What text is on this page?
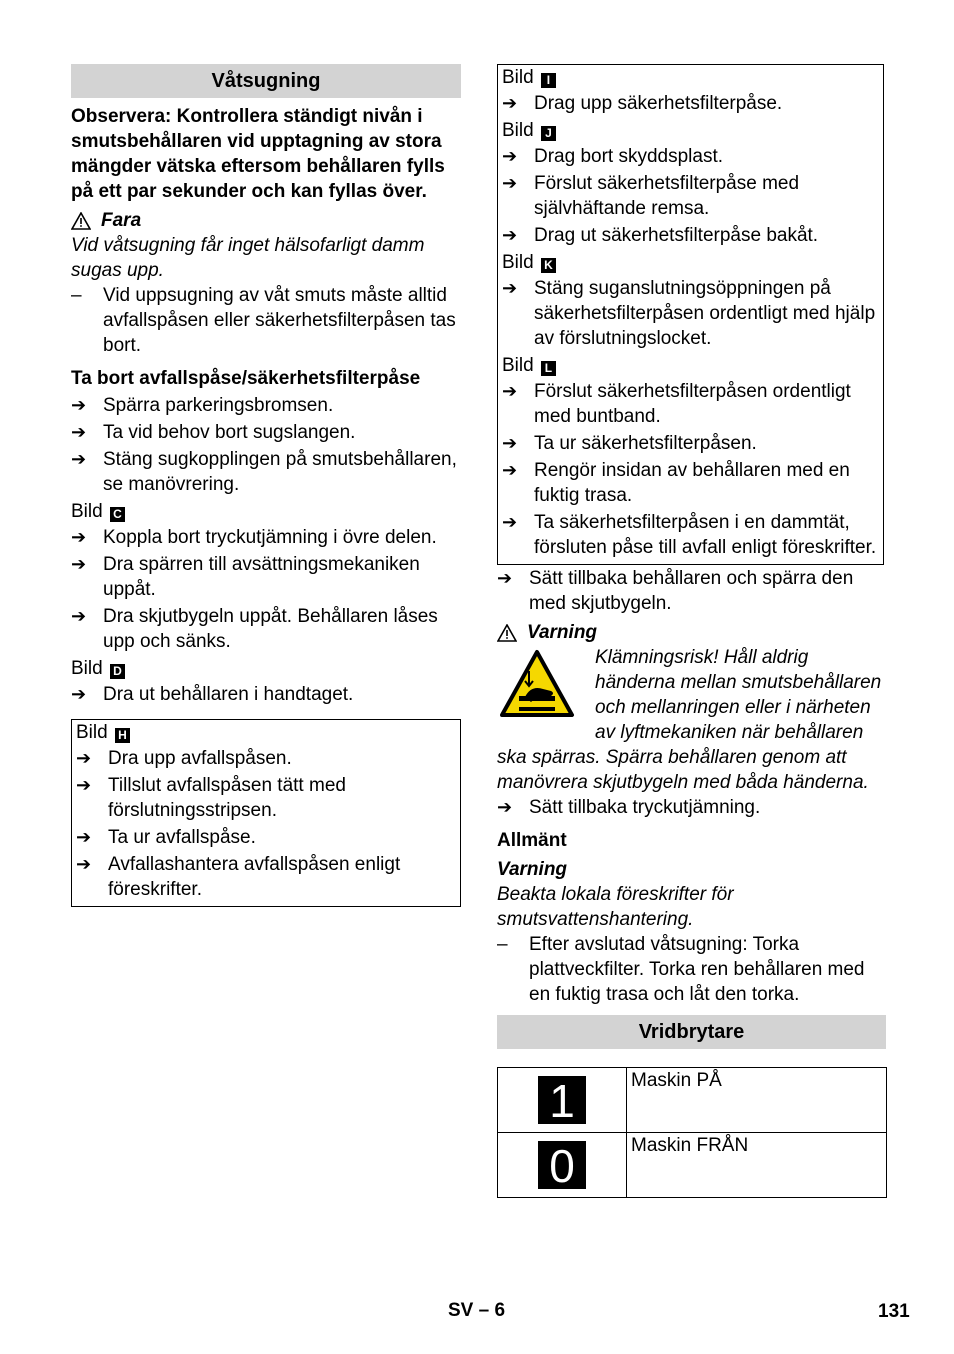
Våtsugning

Observera: Kontrollera ständigt nivån i smutsbehållaren vid upptagning av stora mängder vätska eftersom behållaren fylls på ett par sekunder och kan fyllas över.

Fara

Vid våtsugning får inget hälsofarligt damm sugas upp.

–	Vid uppsugning av våt smuts måste alltid avfallspåsen eller säkerhetsfilterpåsen tas bort.

Ta bort avfallspåse/säkerhetsfilterpåse

➔ Spärra parkeringsbromsen.
➔ Ta vid behov bort sugslangen.
➔ Stäng sugkopplingen på smutsbehållaren, se manövrering.
Bild C
➔ Koppla bort tryckutjämning i övre delen.
➔ Dra spärren till avsättningsmekaniken uppåt.
➔ Dra skjutbygeln uppåt. Behållaren låses upp och sänks.
Bild D
➔ Dra ut behållaren i handtaget.
Bild H
➔ Dra upp avfallspåsen.
➔ Tillslut avfallspåsen tätt med förslutningsstripsen.
➔ Ta ur avfallspåse.
➔ Avfallashantera avfallspåsen enligt föreskrifter.
Bild I
➔ Drag upp säkerhetsfilterpåse.
Bild J
➔ Drag bort skyddsplast.
➔ Förslut säkerhetsfilterpåse med självhäftande remsa.
➔ Drag ut säkerhetsfilterpåse bakåt.
Bild K
➔ Stäng suganslutningsöppningen på säkerhetsfilterpåsen ordentligt med hjälp av förslutningslocket.
Bild L
➔ Förslut säkerhetsfilterpåsen ordentligt med buntband.
➔ Ta ur säkerhetsfilterpåsen.
➔ Rengör insidan av behållaren med en fuktig trasa.
➔ Ta säkerhetsfilterpåsen i en dammtät, försluten påse till avfall enligt föreskrifter.
➔ Sätt tillbaka behållaren och spärra den med skjutbygeln.
Varning

Klämningsrisk! Håll aldrig händerna mellan smutsbehållaren och mellanringen eller i närheten av lyftmekaniken när behållaren ska spärras. Spärra behållaren genom att manövrera skjutbygeln med båda händerna.

➔ Sätt tillbaka tryckutjämning.

Allmänt

Varning

Beakta lokala föreskrifter för smutsvattenshantering.

–	Efter avslutad våtsugning: Torka plattveckfilter. Torka ren behållaren med en fuktig trasa och låt den torka.
Vridbrytare
1	Maskin PÅ
0	Maskin FRÅN
SV – 6	131
